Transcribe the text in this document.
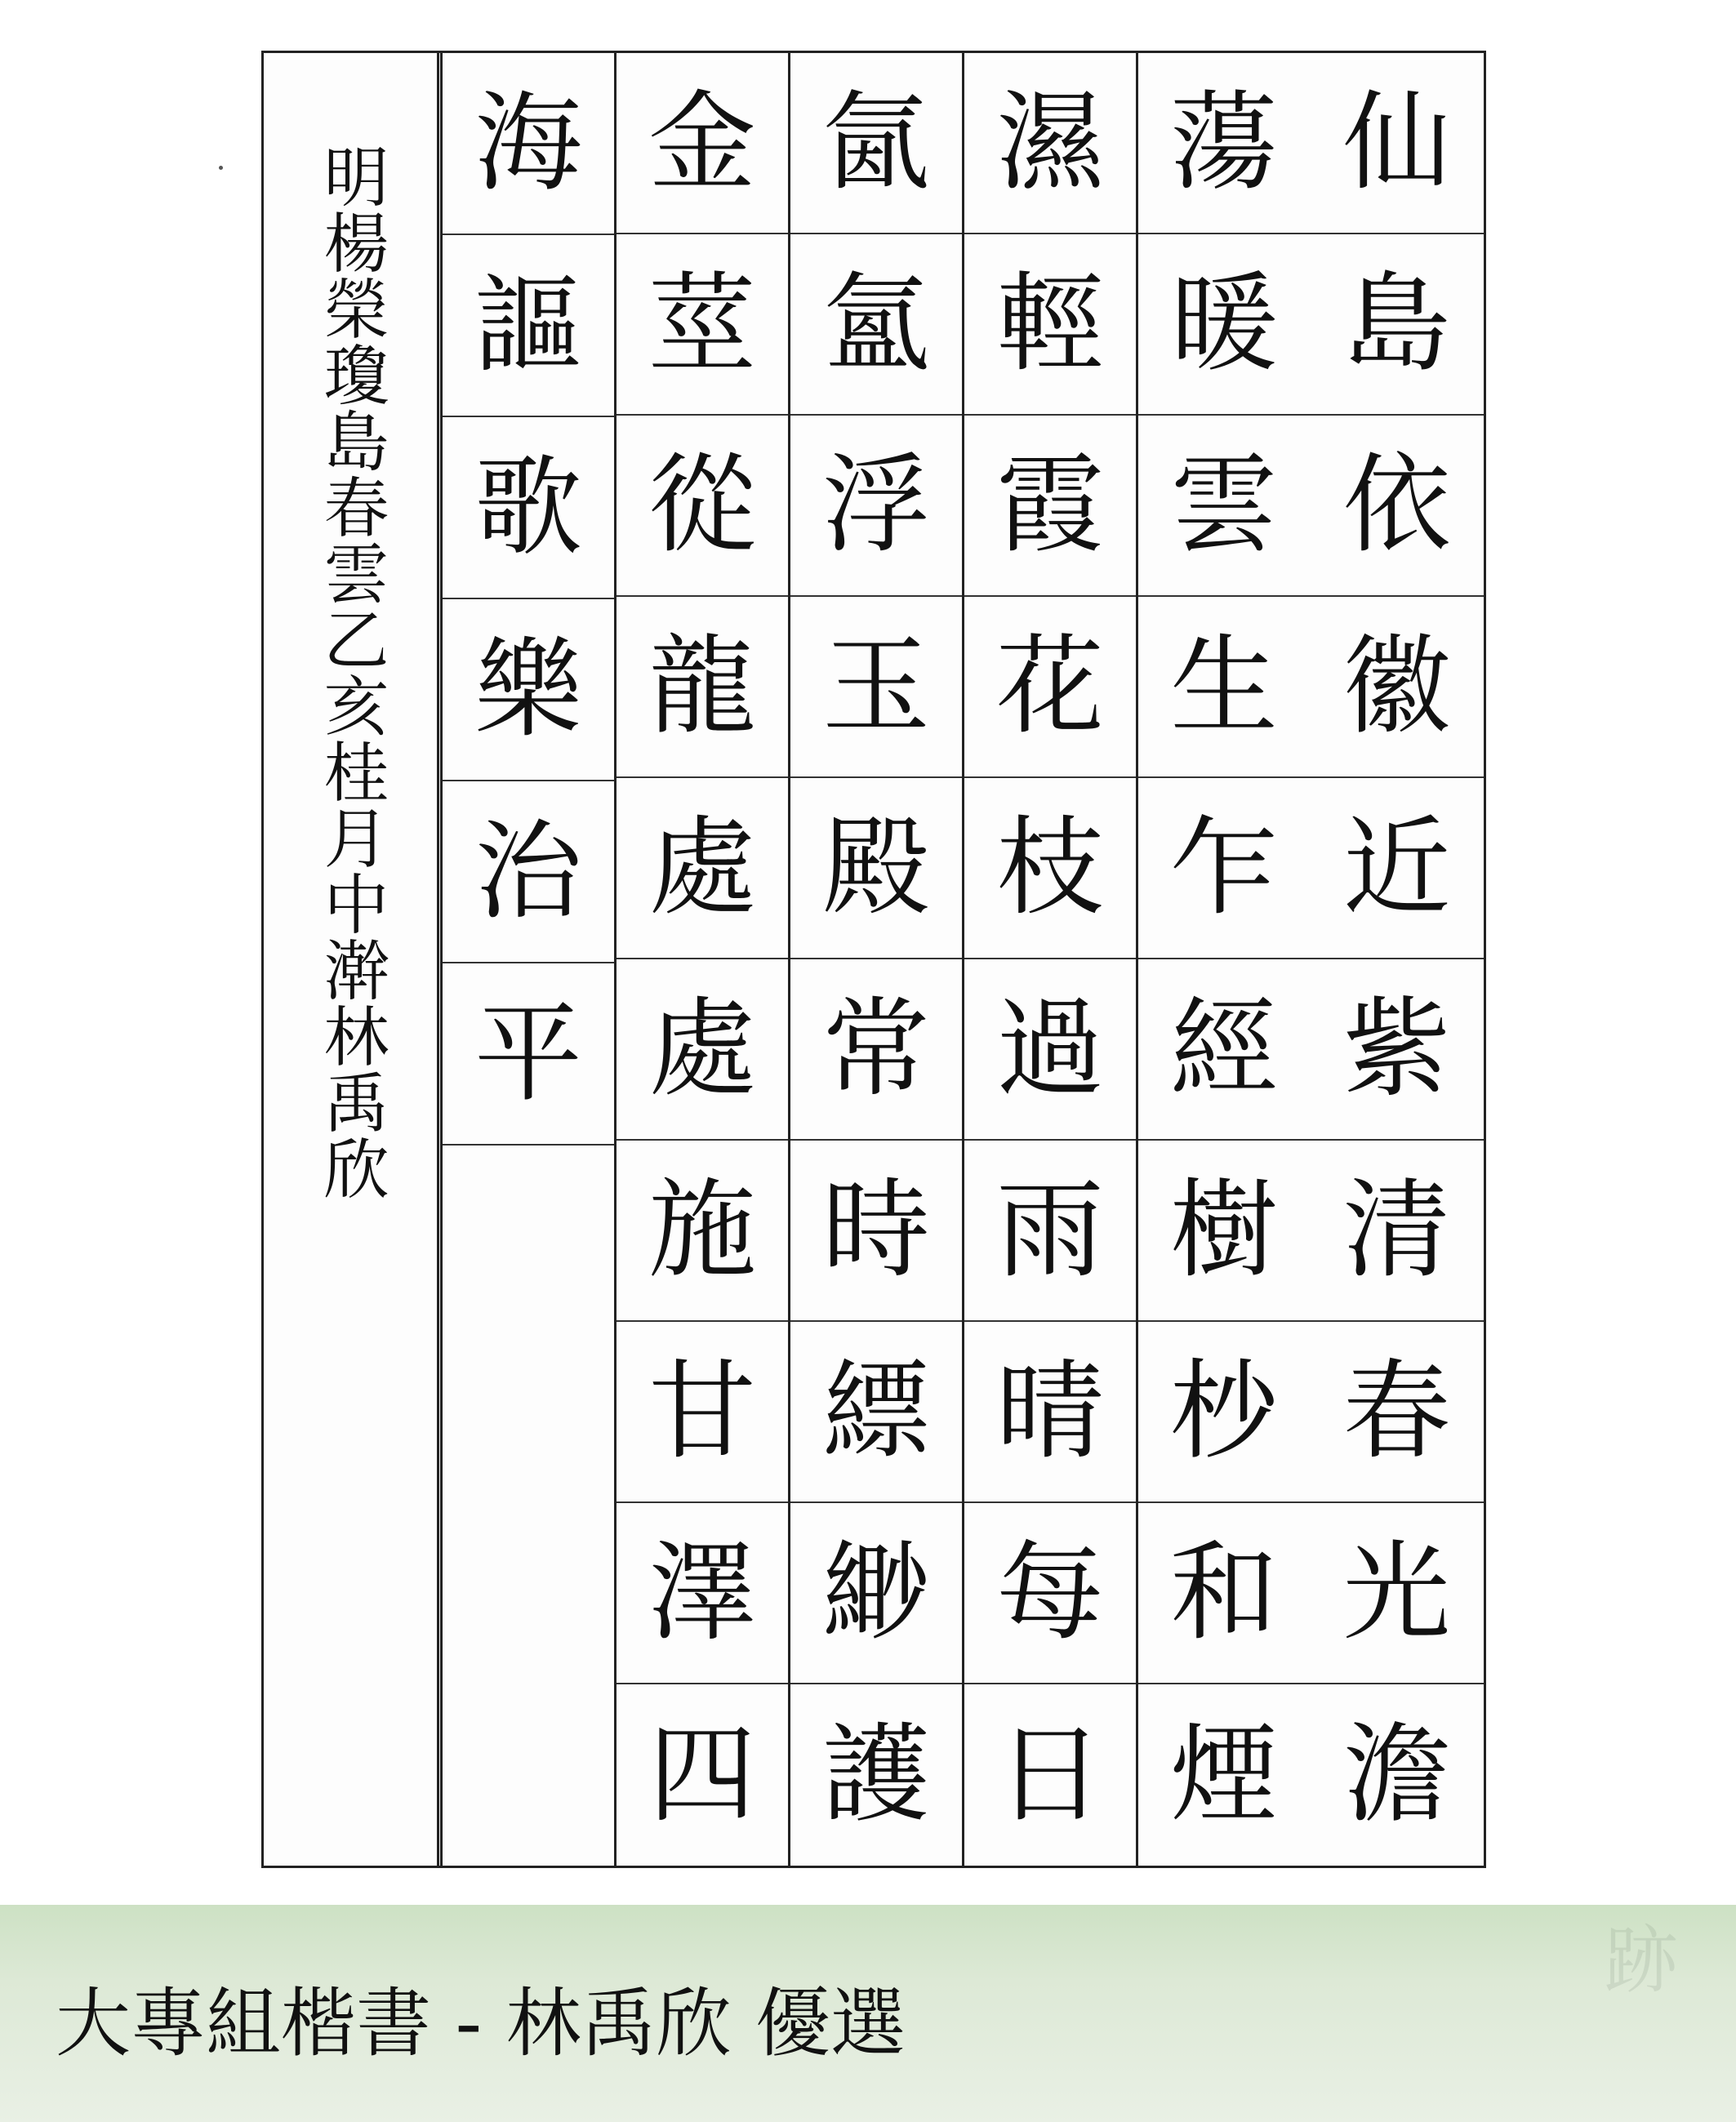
明楊榮瓊島春雲乙亥桂月中澣林禹欣	仙
島
依
徽
近
紫
清
春
光
澹
蕩
暖
雲
生
乍
經
樹
杪
和
煙
濕
輕
霞
花
枝
過
雨
晴
每
日
氤
氳
浮
玉
殿
常
時
縹
緲
護
金
莖
從
龍
處
處
施
甘
澤
四
海
謳
歌
樂
治
平
跡
大專組楷書 - 林禹欣 優選
